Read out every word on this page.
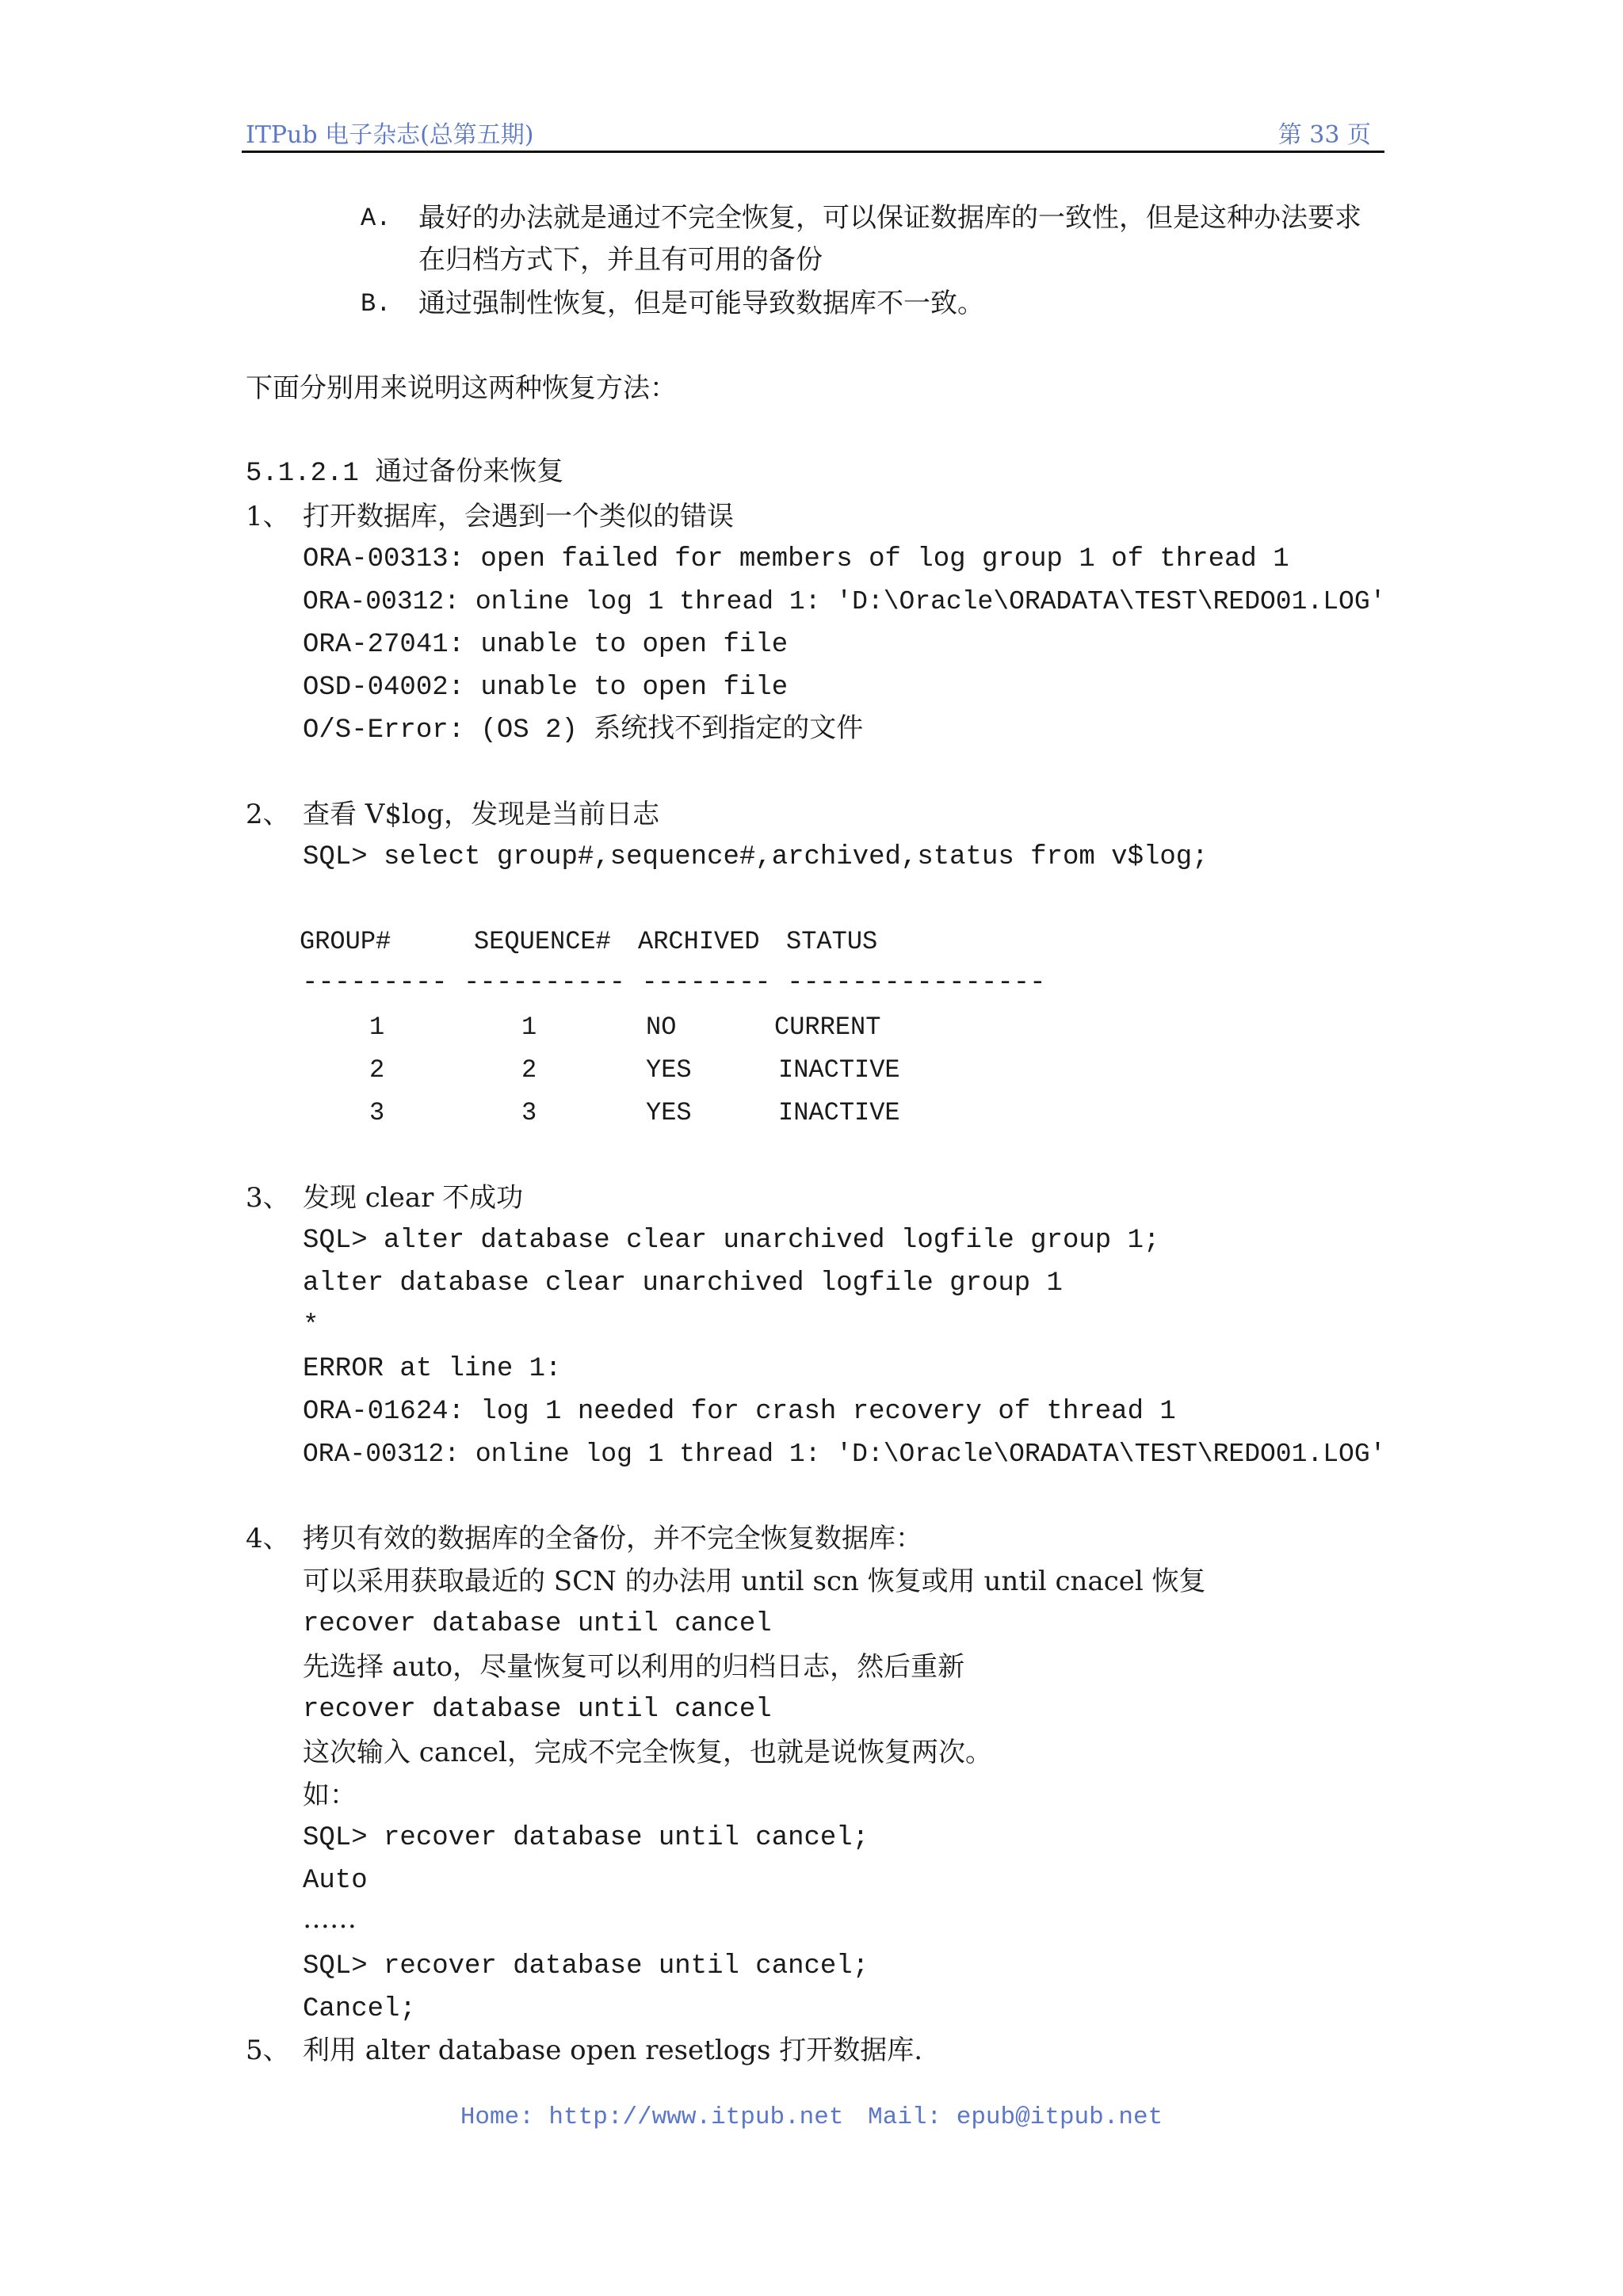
ITPub 电子杂志(总第五期)	第 33 页
A. 最好的办法就是通过不完全恢复，可以保证数据库的一致性，但是这种办法要求
在归档方式下，并且有可用的备份
B. 通过强制性恢复，但是可能导致数据库不一致。
下面分别用来说明这两种恢复方法：
5.1.2.1 通过备份来恢复
1、 打开数据库，会遇到一个类似的错误
ORA-00313: open failed for members of log group 1 of thread 1
ORA-00312: online log 1 thread 1: 'D:\Oracle\ORADATA\TEST\REDO01.LOG'
ORA-27041: unable to open file
OSD-04002: unable to open file
O/S-Error: (OS 2) 系统找不到指定的文件
2、 查看 V$log，发现是当前日志
SQL> select group#,sequence#,archived,status from v$log;
GROUP#	SEQUENCE# ARCHIVED STATUS
--------- ---------- -------- ----------------
1	1	NO	CURRENT
2	2	YES	INACTIVE
3	3	YES	INACTIVE
3、 发现 clear 不成功
SQL> alter database clear unarchived logfile group 1;
alter database clear unarchived logfile group 1
*
ERROR at line 1:
ORA-01624: log 1 needed for crash recovery of thread 1
ORA-00312: online log 1 thread 1: 'D:\Oracle\ORADATA\TEST\REDO01.LOG'
4、 拷贝有效的数据库的全备份，并不完全恢复数据库：
可以采用获取最近的 SCN 的办法用 until scn 恢复或用 until cnacel 恢复
recover database until cancel
先选择 auto，尽量恢复可以利用的归档日志，然后重新
recover database until cancel
这次输入 cancel，完成不完全恢复，也就是说恢复两次。
如：
SQL> recover database until cancel;
Auto
……
SQL> recover database until cancel;
Cancel;
5、 利用 alter database open resetlogs 打开数据库.
Home: http://www.itpub.net Mail: epub@itpub.net
